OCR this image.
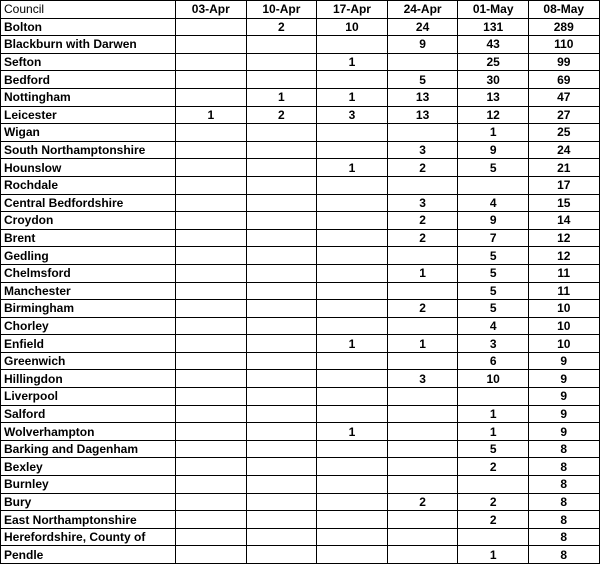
Council	03-Apr	10-Apr	17-Apr	24-Apr	01-May	08-May
Bolton		2	10	24	131	289
Blackburn with Darwen				9	43	110
Sefton			1		25	99
Bedford				5	30	69
Nottingham		1	1	13	13	47
Leicester	1	2	3	13	12	27
Wigan					1	25
South Northamptonshire				3	9	24
Hounslow			1	2	5	21
Rochdale						17
Central Bedfordshire				3	4	15
Croydon				2	9	14
Brent				2	7	12
Gedling					5	12
Chelmsford				1	5	11
Manchester					5	11
Birmingham				2	5	10
Chorley					4	10
Enfield			1	1	3	10
Greenwich					6	9
Hillingdon				3	10	9
Liverpool						9
Salford					1	9
Wolverhampton			1		1	9
Barking and Dagenham					5	8
Bexley					2	8
Burnley						8
Bury				2	2	8
East Northamptonshire					2	8
Herefordshire, County of						8
Pendle					1	8
